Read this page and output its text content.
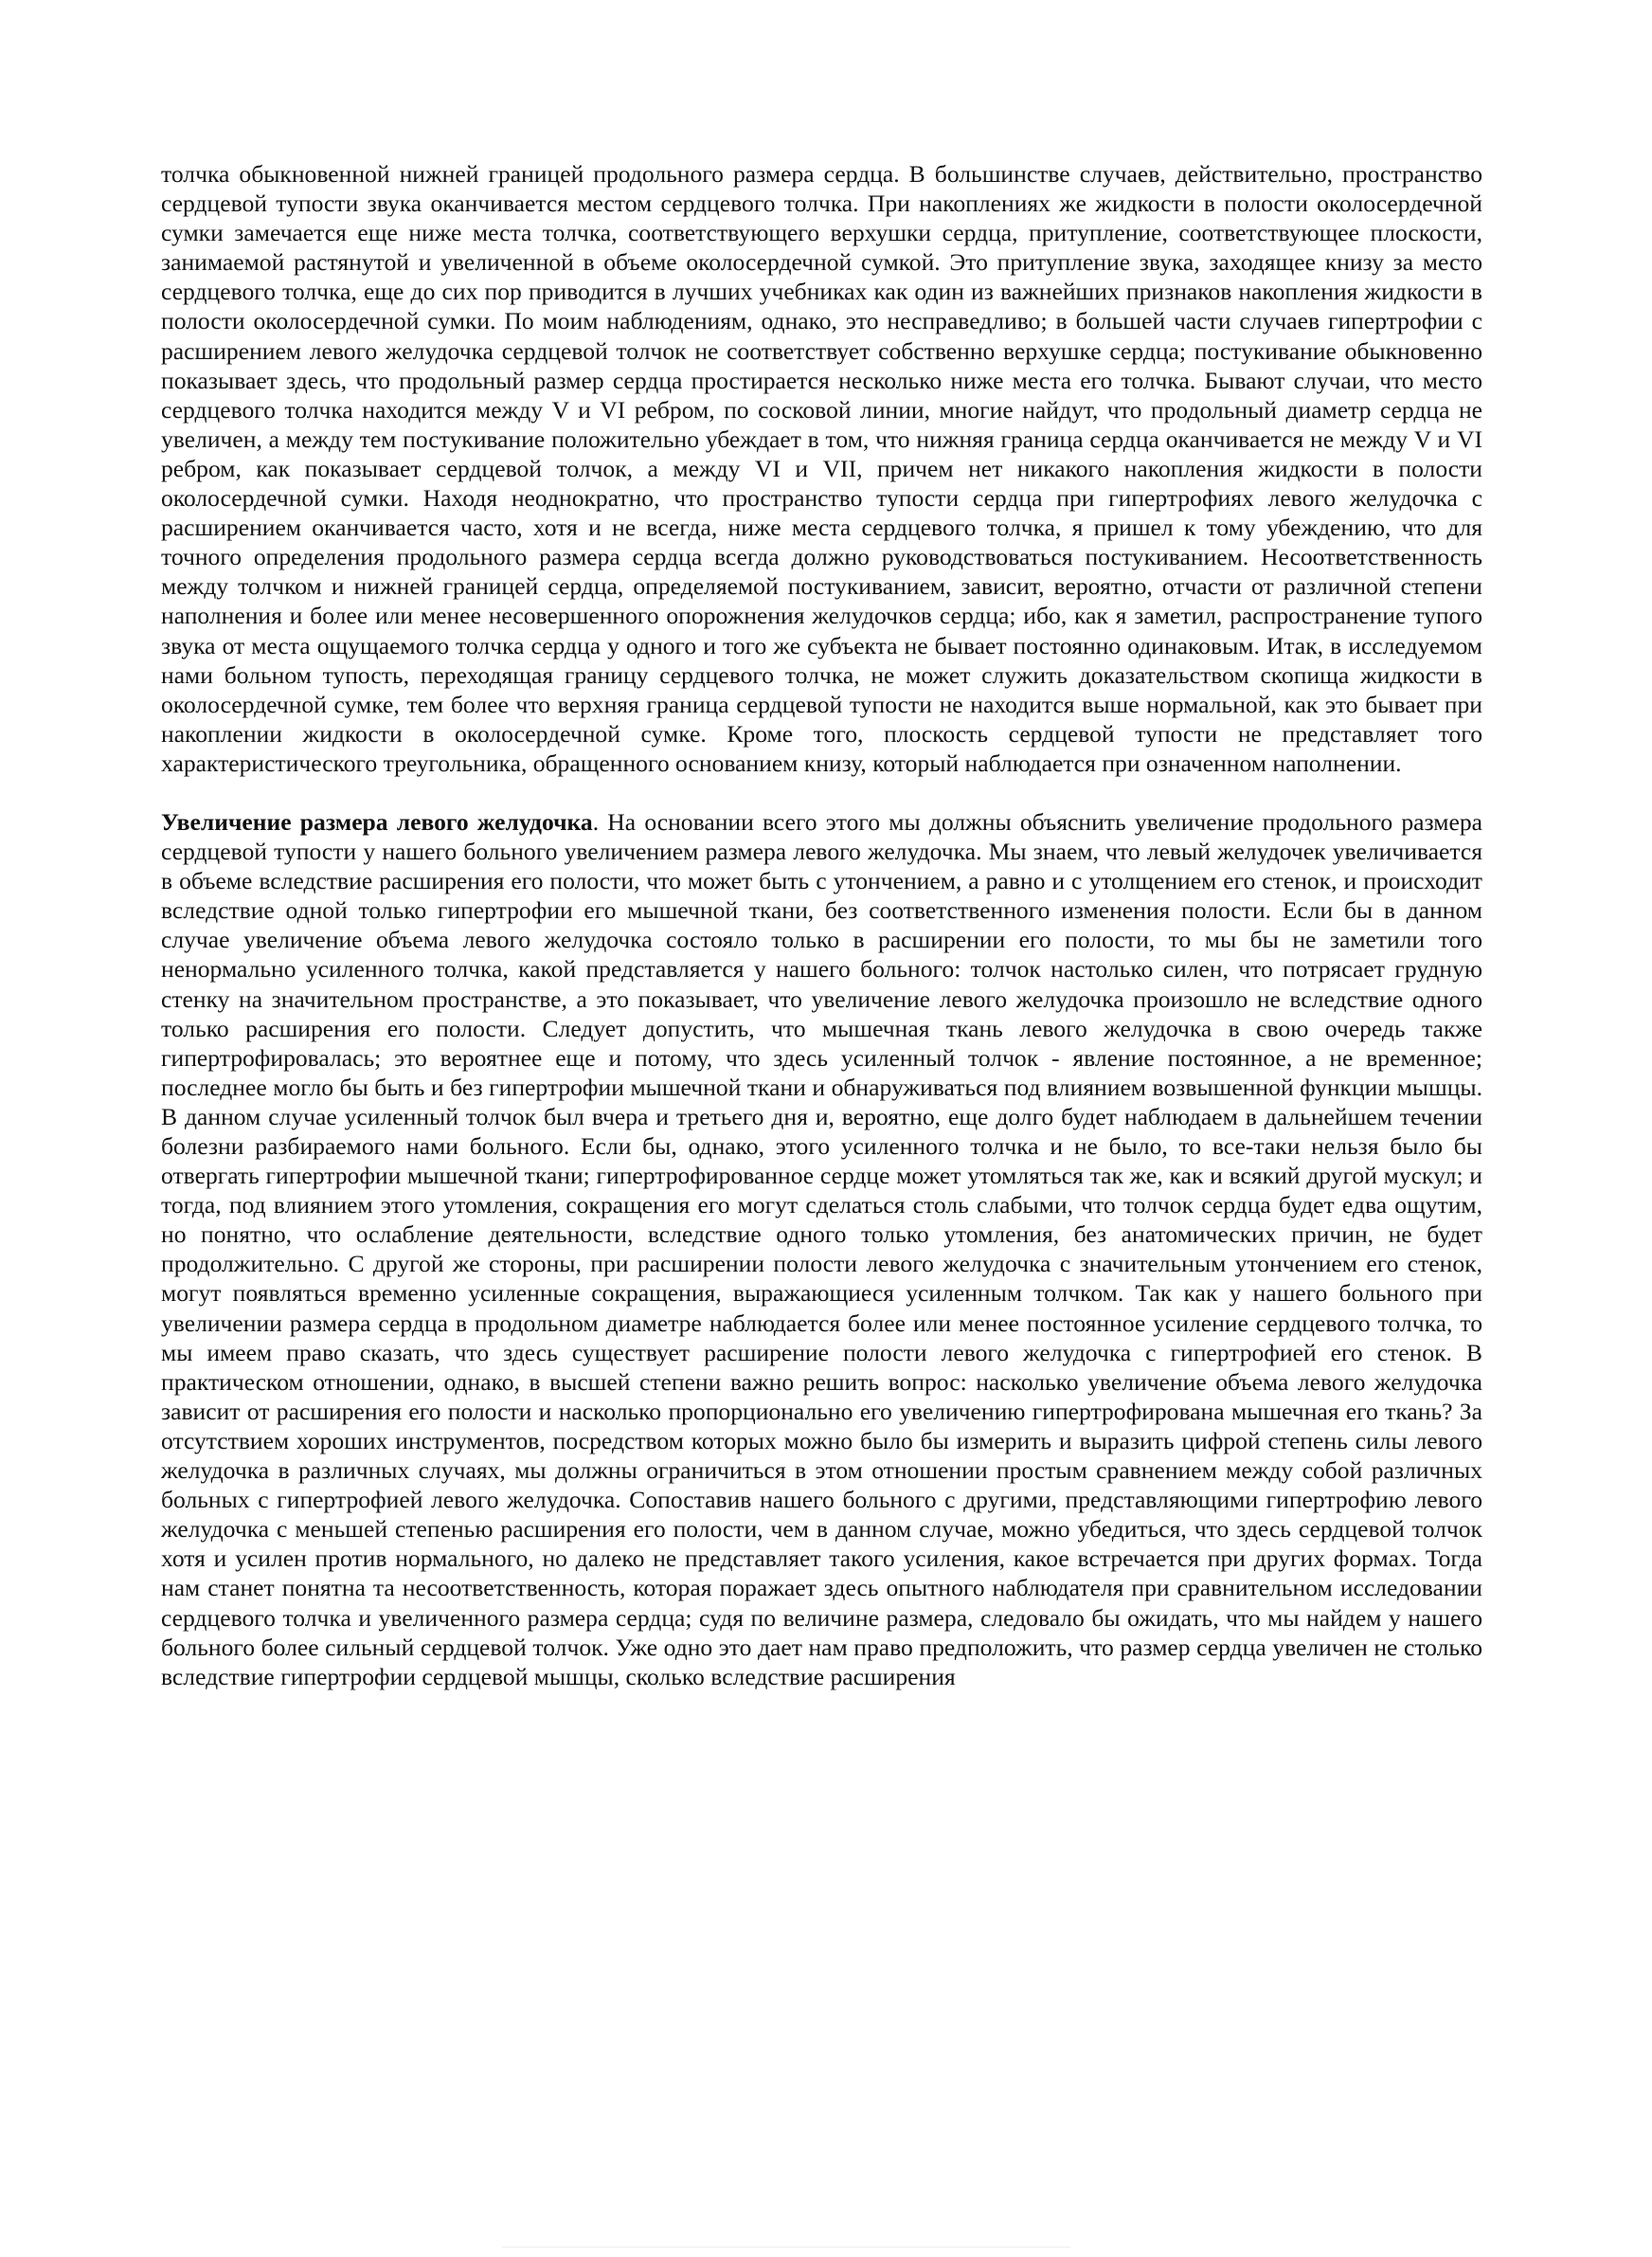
толчка обыкновенной нижней границей продольного размера сердца. В большинстве случаев, действительно, пространство сердцевой тупости звука оканчивается местом сердцевого толчка. При накоплениях же жидкости в полости околосердечной сумки замечается еще ниже места толчка, соответствующего верхушки сердца, притупление, соответствующее плоскости, занимаемой растянутой и увеличенной в объеме околосердечной сумкой. Это притупление звука, заходящее книзу за место сердцевого толчка, еще до сих пор приводится в лучших учебниках как один из важнейших признаков накопления жидкости в полости околосердечной сумки. По моим наблюдениям, однако, это несправедливо; в большей части случаев гипертрофии с расширением левого желудочка сердцевой толчок не соответствует собственно верхушке сердца; постукивание обыкновенно показывает здесь, что продольный размер сердца простирается несколько ниже места его толчка. Бывают случаи, что место сердцевого толчка находится между V и VI ребром, по сосковой линии, многие найдут, что продольный диаметр сердца не увеличен, а между тем постукивание положительно убеждает в том, что нижняя граница сердца оканчивается не между V и VI ребром, как показывает сердцевой толчок, а между VI и VII, причем нет никакого накопления жидкости в полости околосердечной сумки. Находя неоднократно, что пространство тупости сердца при гипертрофиях левого желудочка с расширением оканчивается часто, хотя и не всегда, ниже места сердцевого толчка, я пришел к тому убеждению, что для точного определения продольного размера сердца всегда должно руководствоваться постукиванием. Несоответственность между толчком и нижней границей сердца, определяемой постукиванием, зависит, вероятно, отчасти от различной степени наполнения и более или менее несовершенного опорожнения желудочков сердца; ибо, как я заметил, распространение тупого звука от места ощущаемого толчка сердца у одного и того же субъекта не бывает постоянно одинаковым. Итак, в исследуемом нами больном тупость, переходящая границу сердцевого толчка, не может служить доказательством скопища жидкости в околосердечной сумке, тем более что верхняя граница сердцевой тупости не находится выше нормальной, как это бывает при накоплении жидкости в околосердечной сумке. Кроме того, плоскость сердцевой тупости не представляет того характеристического треугольника, обращенного основанием книзу, который наблюдается при означенном наполнении.

Увеличение размера левого желудочка. На основании всего этого мы должны объяснить увеличение продольного размера сердцевой тупости у нашего больного увеличением размера левого желудочка. Мы знаем, что левый желудочек увеличивается в объеме вследствие расширения его полости, что может быть с утончением, а равно и с утолщением его стенок, и происходит вследствие одной только гипертрофии его мышечной ткани, без соответственного изменения полости. Если бы в данном случае увеличение объема левого желудочка состояло только в расширении его полости, то мы бы не заметили того ненормально усиленного толчка, какой представляется у нашего больного: толчок настолько силен, что потрясает грудную стенку на значительном пространстве, а это показывает, что увеличение левого желудочка произошло не вследствие одного только расширения его полости. Следует допустить, что мышечная ткань левого желудочка в свою очередь также гипертрофировалась; это вероятнее еще и потому, что здесь усиленный толчок - явление постоянное, а не временное; последнее могло бы быть и без гипертрофии мышечной ткани и обнаруживаться под влиянием возвышенной функции мышцы. В данном случае усиленный толчок был вчера и третьего дня и, вероятно, еще долго будет наблюдаем в дальнейшем течении болезни разбираемого нами больного. Если бы, однако, этого усиленного толчка и не было, то все-таки нельзя было бы отвергать гипертрофии мышечной ткани; гипертрофированное сердце может утомляться так же, как и всякий другой мускул; и тогда, под влиянием этого утомления, сокращения его могут сделаться столь слабыми, что толчок сердца будет едва ощутим, но понятно, что ослабление деятельности, вследствие одного только утомления, без анатомических причин, не будет продолжительно. С другой же стороны, при расширении полости левого желудочка с значительным утончением его стенок, могут появляться временно усиленные сокращения, выражающиеся усиленным толчком. Так как у нашего больного при увеличении размера сердца в продольном диаметре наблюдается более или менее постоянное усиление сердцевого толчка, то мы имеем право сказать, что здесь существует расширение полости левого желудочка с гипертрофией его стенок. В практическом отношении, однако, в высшей степени важно решить вопрос: насколько увеличение объема левого желудочка зависит от расширения его полости и насколько пропорционально его увеличению гипертрофирована мышечная его ткань? За отсутствием хороших инструментов, посредством которых можно было бы измерить и выразить цифрой степень силы левого желудочка в различных случаях, мы должны ограничиться в этом отношении простым сравнением между собой различных больных с гипертрофией левого желудочка. Сопоставив нашего больного с другими, представляющими гипертрофию левого желудочка с меньшей степенью расширения его полости, чем в данном случае, можно убедиться, что здесь сердцевой толчок хотя и усилен против нормального, но далеко не представляет такого усиления, какое встречается при других формах. Тогда нам станет понятна та несоответственность, которая поражает здесь опытного наблюдателя при сравнительном исследовании сердцевого толчка и увеличенного размера сердца; судя по величине размера, следовало бы ожидать, что мы найдем у нашего больного более сильный сердцевой толчок. Уже одно это дает нам право предположить, что размер сердца увеличен не столько вследствие гипертрофии сердцевой мышцы, сколько вследствие расширения
